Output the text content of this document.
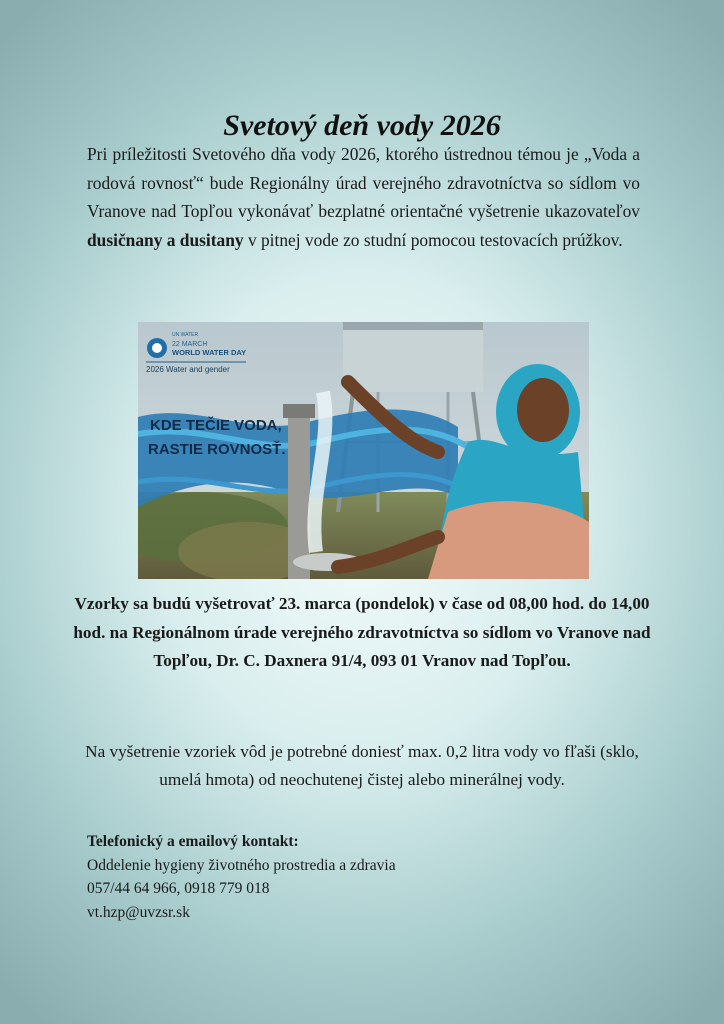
Svetový deň vody 2026

Pri príležitosti Svetového dňa vody 2026, ktorého ústrednou témou je „Voda a rodová rovnosť“ bude Regionálny úrad verejného zdravotníctva so sídlom vo Vranove nad Topľou vykonávať bezplatné orientačné vyšetrenie ukazovateľov dusičnany a dusitany v pitnej vode zo studní pomocou testovacích prúžkov.

UN WATER
22 MARCH
WORLD WATER DAY
2026 Water and gender
KDE TEČIE VODA,
RASTIE ROVNOSŤ.

Vzorky sa budú vyšetrovať 23. marca (pondelok) v čase od 08,00 hod. do 14,00 hod. na Regionálnom úrade verejného zdravotníctva so sídlom vo Vranove nad Topľou, Dr. C. Daxnera 91/4, 093 01 Vranov nad Topľou.

Na vyšetrenie vzoriek vôd je potrebné doniesť max. 0,2 litra vody vo fľaši (sklo, umelá hmota) od neochutenej čistej alebo minerálnej vody.

Telefonický a emailový kontakt:
Oddelenie hygieny životného prostredia a zdravia
057/44 64 966, 0918 779 018
vt.hzp@uvzsr.sk
